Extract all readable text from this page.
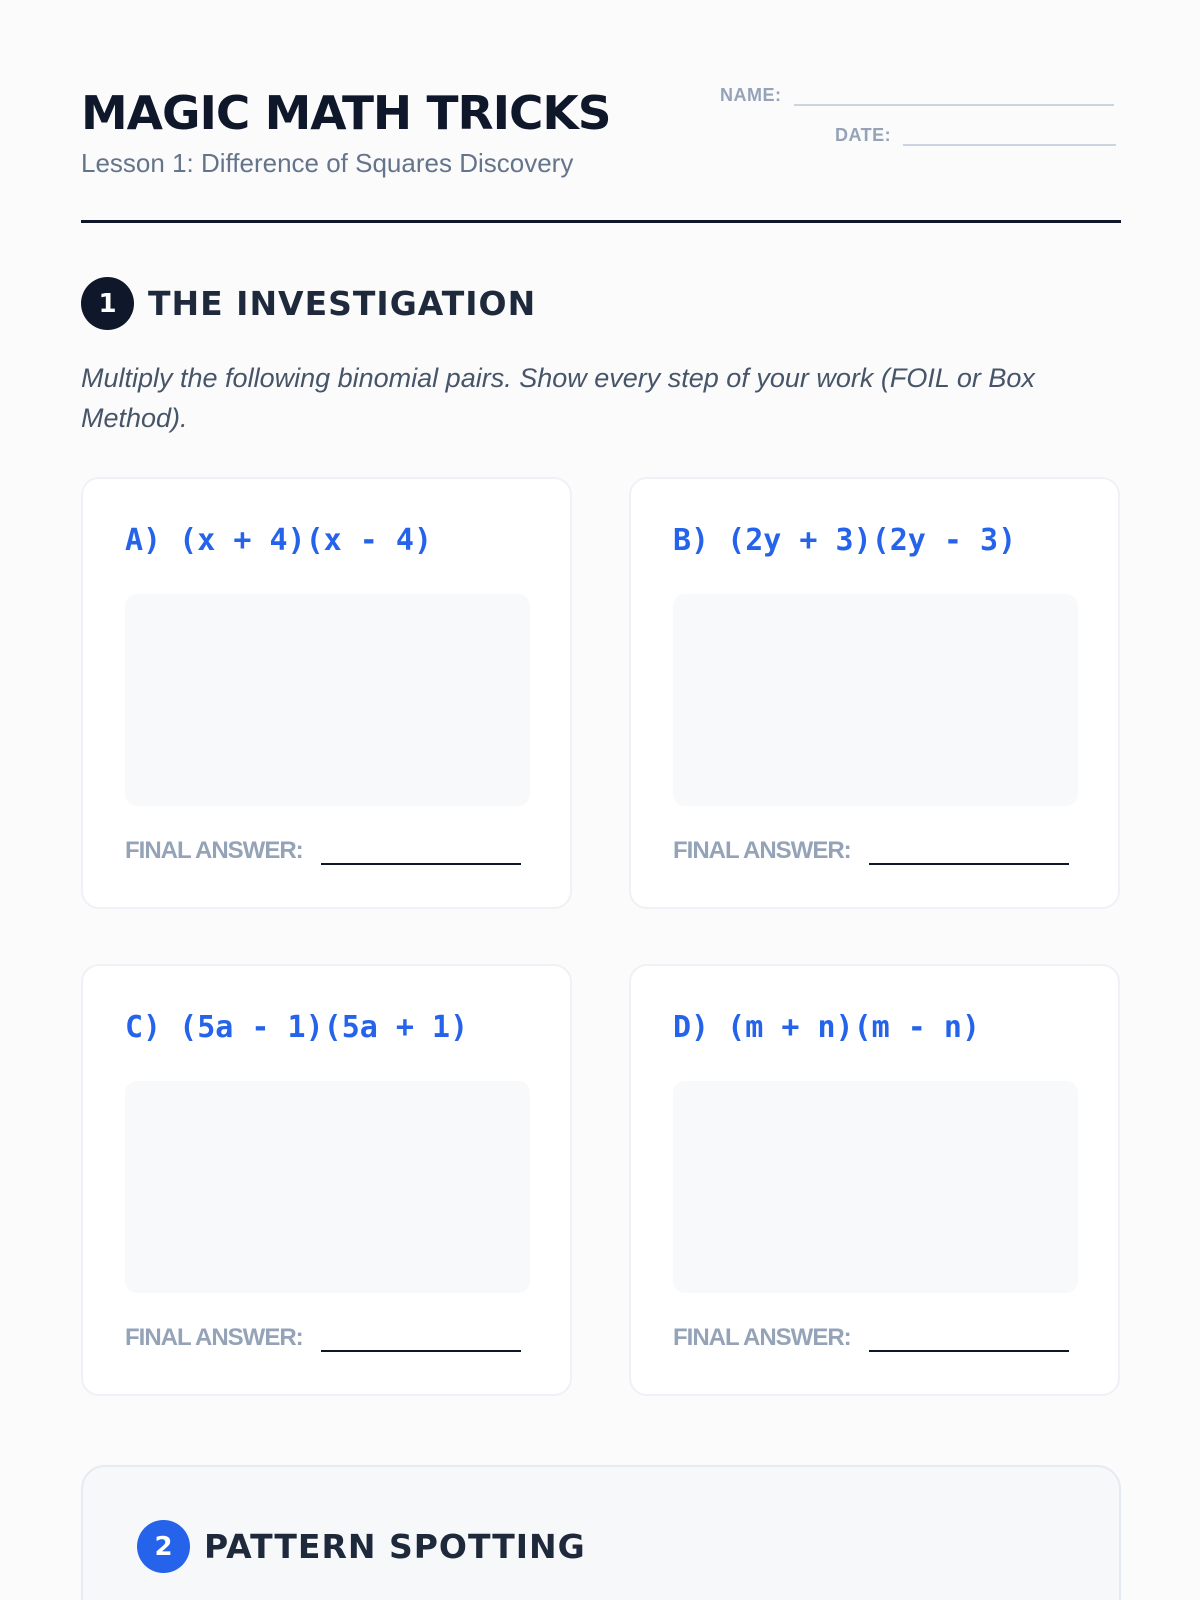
MAGIC MATH TRICKS
Lesson 1: Difference of Squares Discovery
NAME:
DATE:
1 THE INVESTIGATION

Multiply the following binomial pairs. Show every step of your work (FOIL or Box Method).

A) (x + 4)(x - 4)
FINAL ANSWER:
B) (2y + 3)(2y - 3)
FINAL ANSWER:
C) (5a - 1)(5a + 1)
FINAL ANSWER:
D) (m + n)(m - n)
FINAL ANSWER:
2 PATTERN SPOTTING
